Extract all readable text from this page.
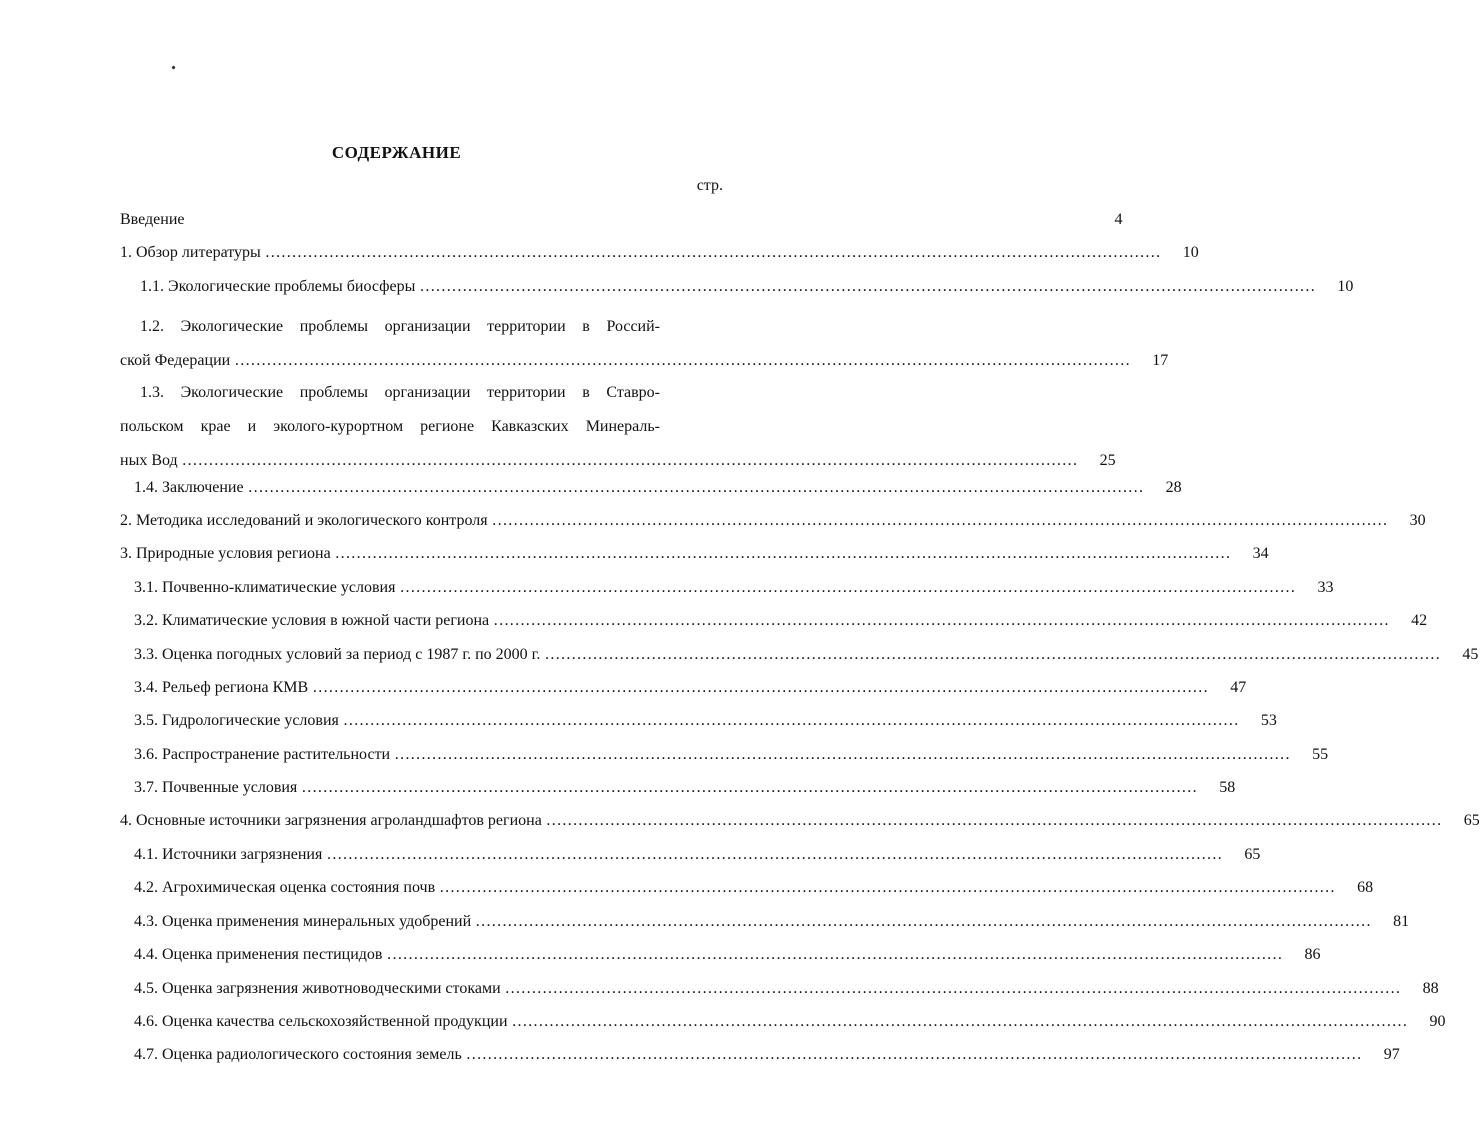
СОДЕРЖАНИЕ
стр.
Введение	4
1. Обзор литературы ……………………………………………………………………………………………………………………………………………………	10
1.1. Экологические проблемы биосферы ……………………………………………………………………………………………………………………………………………………	10
1.2. Экологические проблемы организации территории в Россий-
ской Федерации ……………………………………………………………………………………………………………………………………………………	17
1.3. Экологические проблемы организации территории в Ставро-
польском крае и эколого-курортном регионе Кавказских Минераль-
ных Вод ……………………………………………………………………………………………………………………………………………………	25
1.4. Заключение ……………………………………………………………………………………………………………………………………………………	28
2. Методика исследований и экологического контроля ……………………………………………………………………………………………………………………………………………………	30
3. Природные условия региона ……………………………………………………………………………………………………………………………………………………	34
3.1. Почвенно-климатические условия ……………………………………………………………………………………………………………………………………………………	33
3.2. Климатические условия в южной части региона ……………………………………………………………………………………………………………………………………………………	42
3.3. Оценка погодных условий за период с 1987 г. по 2000 г. ……………………………………………………………………………………………………………………………………………………	45
3.4. Рельеф региона КМВ ……………………………………………………………………………………………………………………………………………………	47
3.5. Гидрологические условия ……………………………………………………………………………………………………………………………………………………	53
3.6. Распространение растительности ……………………………………………………………………………………………………………………………………………………	55
3.7. Почвенные условия ……………………………………………………………………………………………………………………………………………………	58
4. Основные источники загрязнения агроландшафтов региона ……………………………………………………………………………………………………………………………………………………	65
4.1. Источники загрязнения ……………………………………………………………………………………………………………………………………………………	65
4.2. Агрохимическая оценка состояния почв ……………………………………………………………………………………………………………………………………………………	68
4.3. Оценка применения минеральных удобрений ……………………………………………………………………………………………………………………………………………………	81
4.4. Оценка применения пестицидов ……………………………………………………………………………………………………………………………………………………	86
4.5. Оценка загрязнения животноводческими стоками ……………………………………………………………………………………………………………………………………………………	88
4.6. Оценка качества сельскохозяйственной продукции ……………………………………………………………………………………………………………………………………………………	90
4.7. Оценка радиологического состояния земель ……………………………………………………………………………………………………………………………………………………	97
